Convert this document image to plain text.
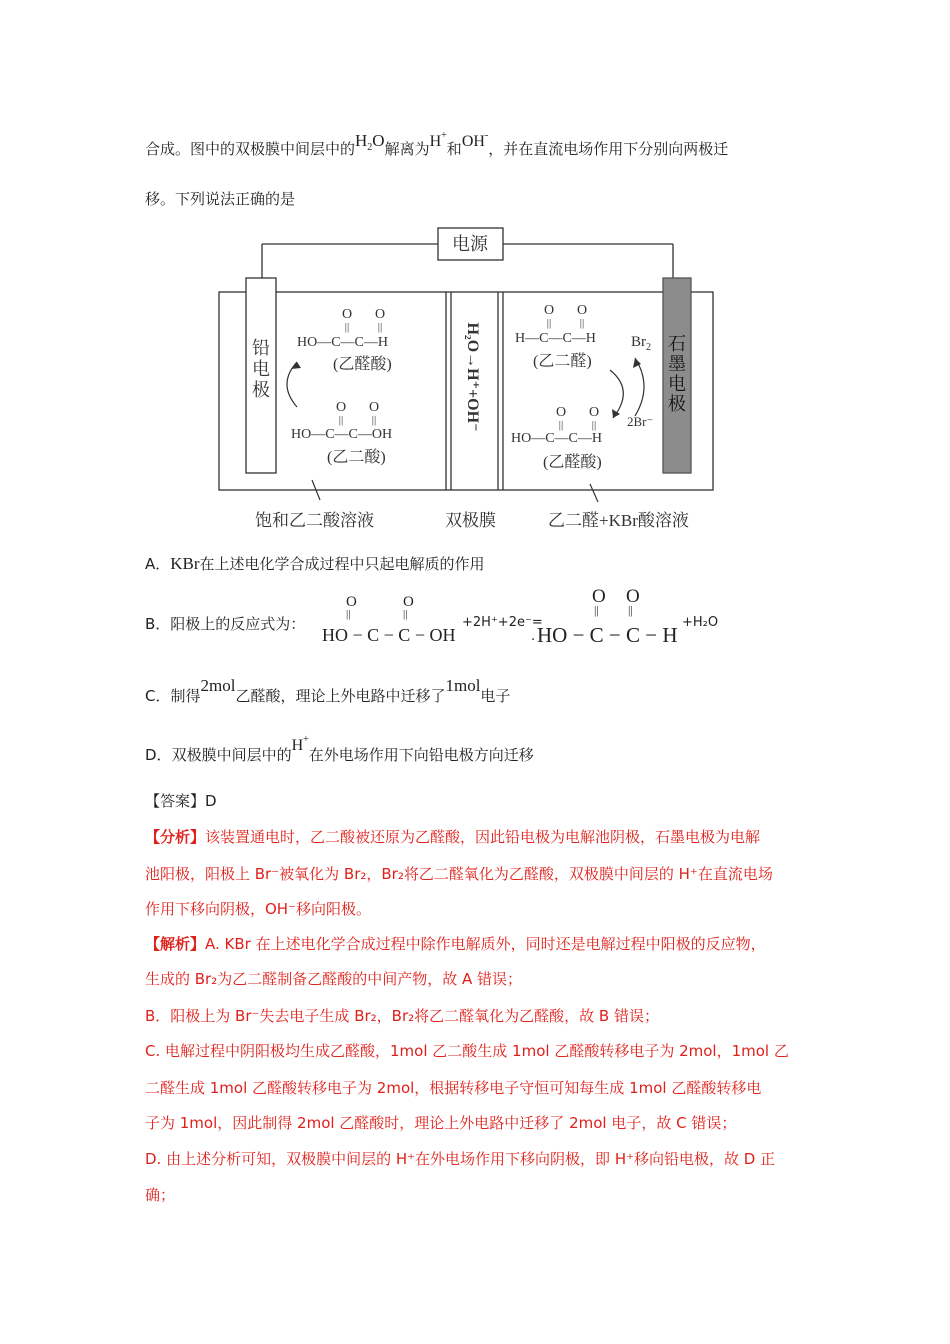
合成。图中的双极膜中间层中的$H_2O$解离为H+和OH-，并在直流电场作用下分别向两极迁
移。下列说法正确的是
电源
H₂O→H⁺+OH⁻
铅
电
极
石
墨
电
极
O
||
O
||
HO—C—C—H
(乙醛酸)
O
||
O
||
HO—C—C—OH
(乙二酸)
O
||
O
||
H—C—C—H
(乙二醛)
$Br_2$
2Br⁻
O
||
O
||
HO—C—C—H
(乙醛酸)
饱和乙二酸溶液	双极膜	乙二醛+KBr酸溶液
A．KBr在上述电化学合成过程中只起电解质的作用
B．阳极上的反应式为：
O
||
O
||
HO − C − C − OH
+2H⁺+2e⁻=
·
O
||
O
||
HO − C − C − H
+H₂O
C．制得2mol乙醛酸，理论上外电路中迁移了1mol电子
D．双极膜中间层中的H+在外电场作用下向铅电极方向迁移
【答案】D
【分析】该装置通电时，乙二酸被还原为乙醛酸，因此铅电极为电解池阴极，石墨电极为电解
池阳极，阳极上 Br⁻被氧化为 Br₂，Br₂将乙二醛氧化为乙醛酸，双极膜中间层的 H⁺在直流电场
作用下移向阴极，OH⁻移向阳极。
【解析】A. KBr 在上述电化学合成过程中除作电解质外，同时还是电解过程中阳极的反应物，
生成的 Br₂为乙二醛制备乙醛酸的中间产物，故 A 错误；
B．阳极上为 Br⁻失去电子生成 Br₂，Br₂将乙二醛氧化为乙醛酸，故 B 错误；
C. 电解过程中阴阳极均生成乙醛酸，1mol 乙二酸生成 1mol 乙醛酸转移电子为 2mol，1mol 乙
二醛生成 1mol 乙醛酸转移电子为 2mol，根据转移电子守恒可知每生成 1mol 乙醛酸转移电
子为 1mol，因此制得 2mol 乙醛酸时，理论上外电路中迁移了 2mol 电子，故 C 错误；
D. 由上述分析可知，双极膜中间层的 H⁺在外电场作用下移向阴极，即 H⁺移向铅电极，故 D 正
确；
